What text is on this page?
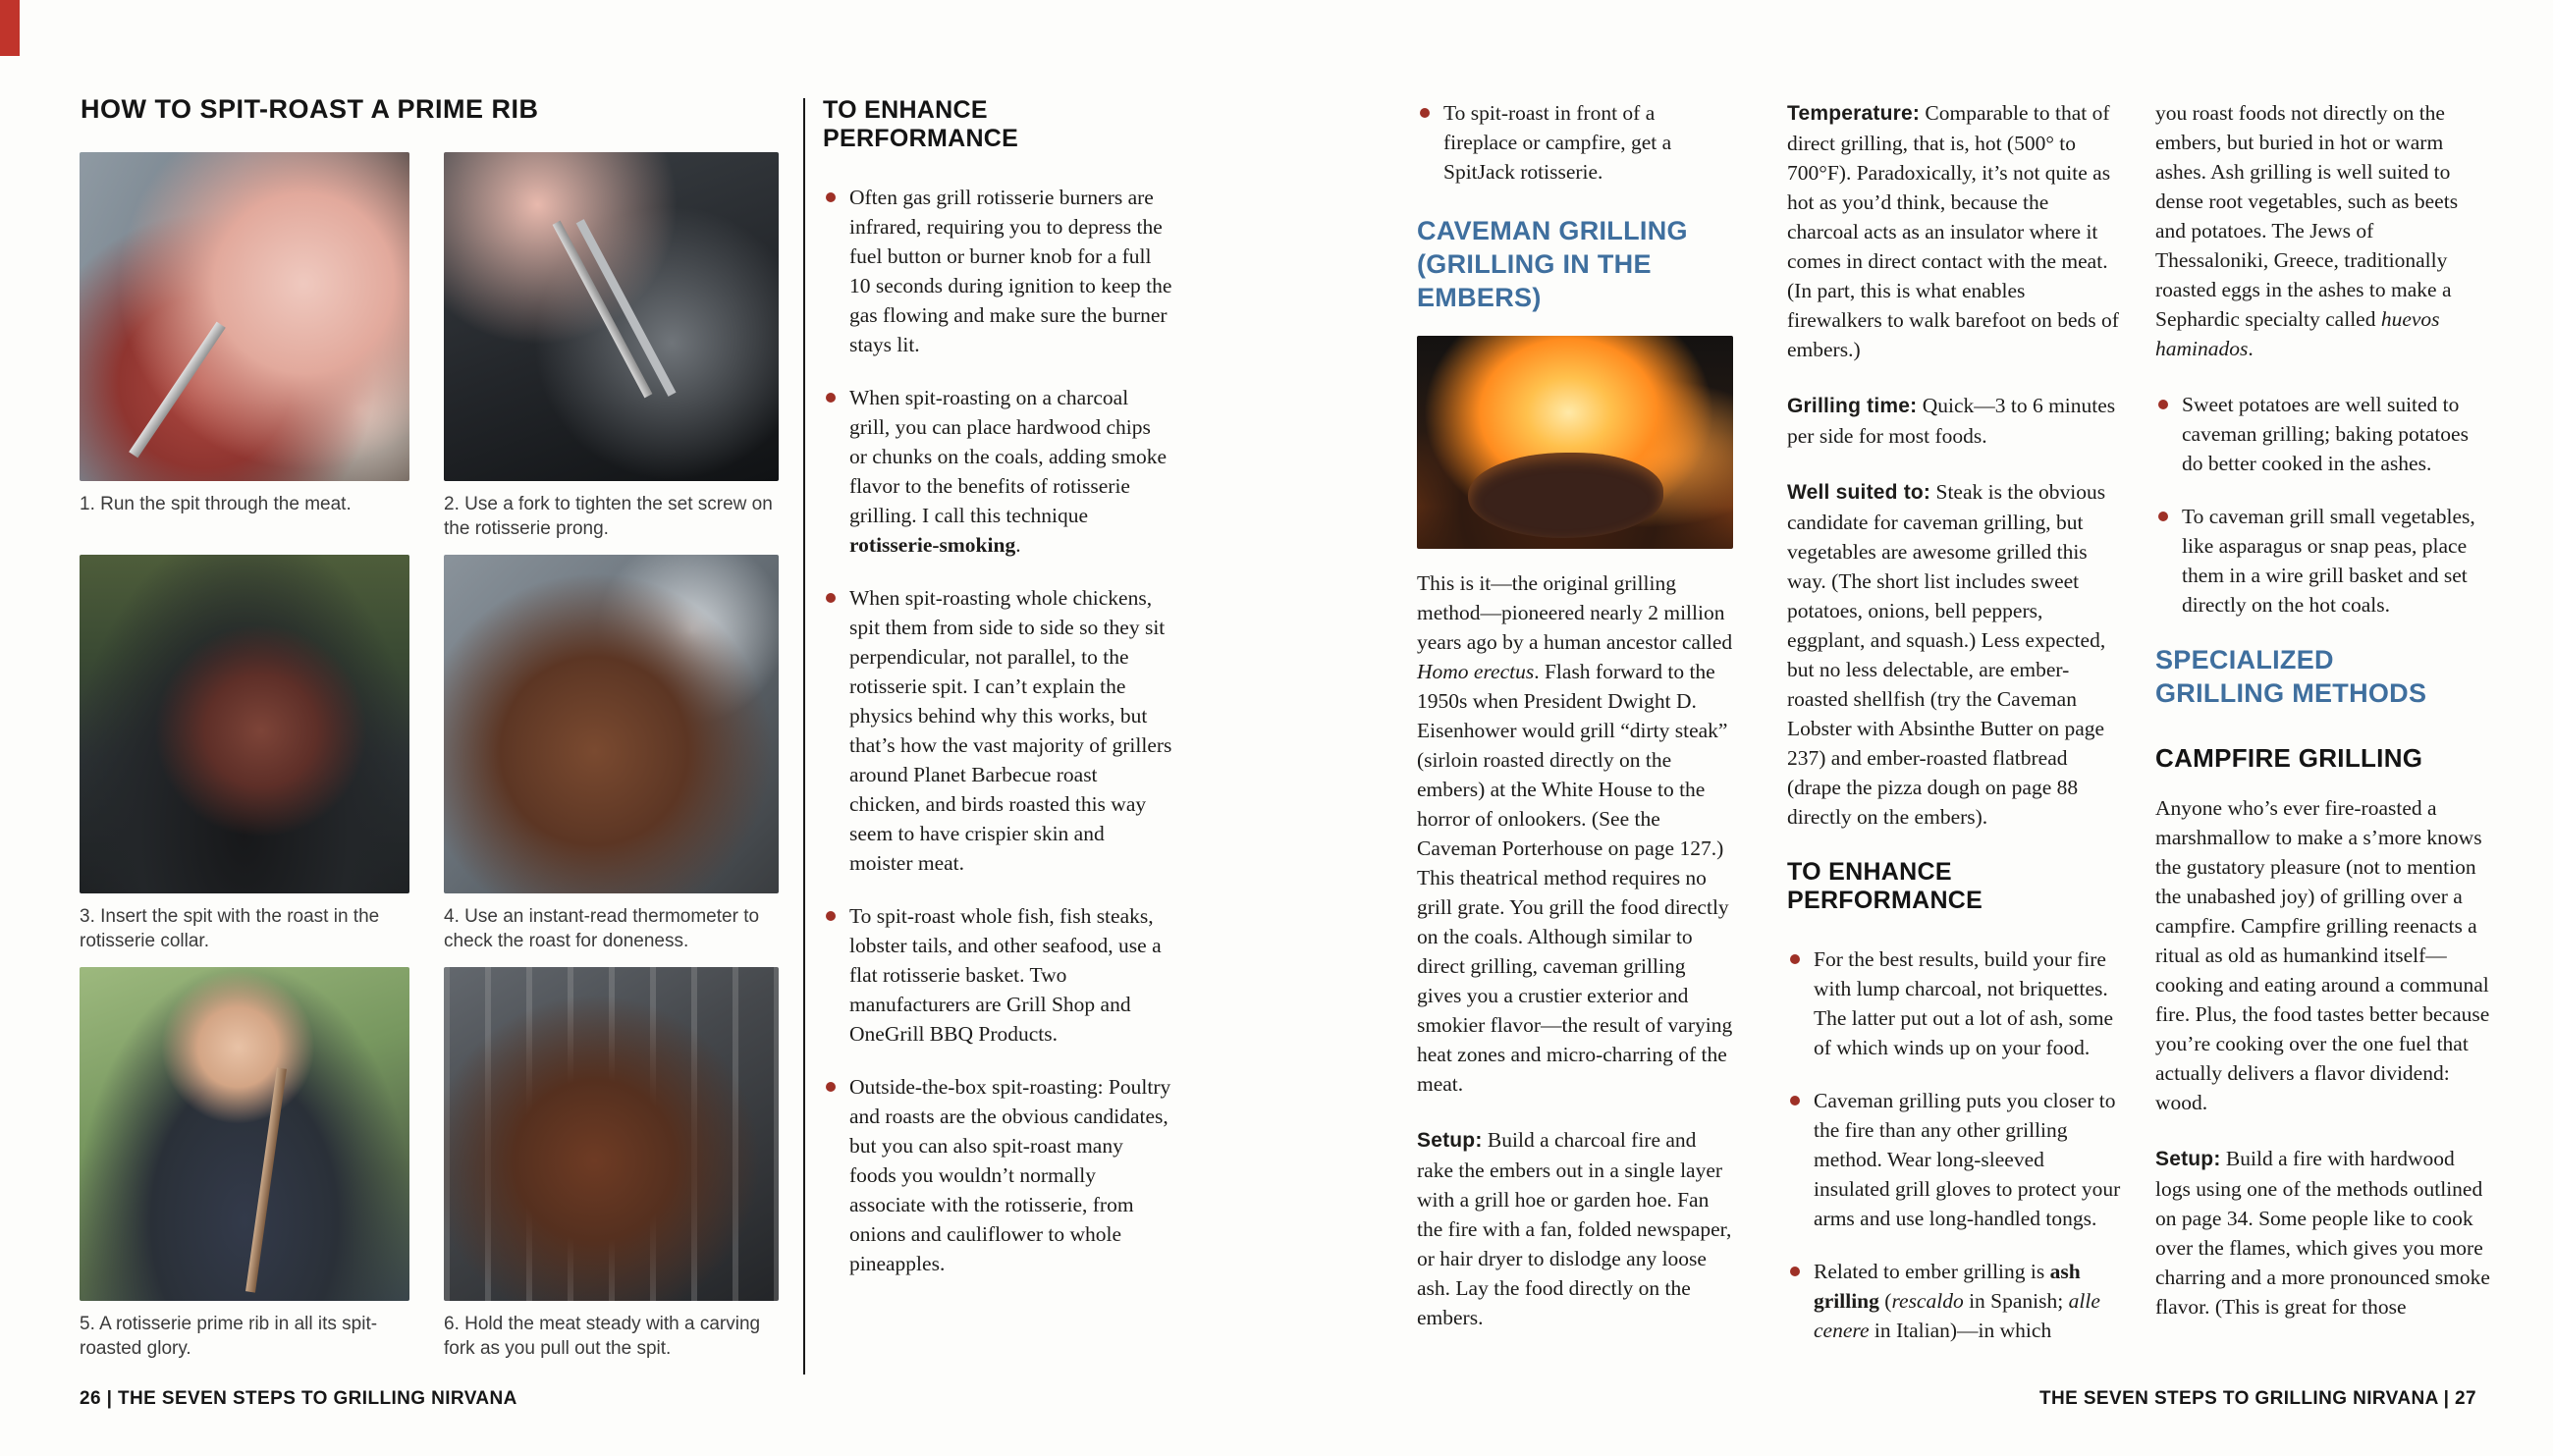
HOW TO SPIT-ROAST A PRIME RIB
1. Run the spit through the meat.	2. Use a fork to tighten the set screw on the rotisserie prong.
3. Insert the spit with the roast in the rotisserie collar.
4. Use an instant-read thermometer to check the roast for doneness.
5. A rotisserie prime rib in all its spit-roasted glory.
6. Hold the meat steady with a carving fork as you pull out the spit.
TO ENHANCE PERFORMANCE
Often gas grill rotisserie burners are infrared, requiring you to depress the fuel button or burner knob for a full 10 seconds during ignition to keep the gas flowing and make sure the burner stays lit.
When spit-roasting on a charcoal grill, you can place hardwood chips or chunks on the coals, adding smoke flavor to the benefits of rotisserie grilling. I call this technique rotisserie-smoking.
When spit-roasting whole chickens, spit them from side to side so they sit perpendicular, not parallel, to the rotisserie spit. I can’t explain the physics behind why this works, but that’s how the vast majority of grillers around Planet Barbecue roast chicken, and birds roasted this way seem to have crispier skin and moister meat.
To spit-roast whole fish, fish steaks, lobster tails, and other seafood, use a flat rotisserie basket. Two manufacturers are Grill Shop and OneGrill BBQ Products.
Outside-the-box spit-roasting: Poultry and roasts are the obvious candidates, but you can also spit-roast many foods you wouldn’t normally associate with the rotisserie, from onions and cauliflower to whole pineapples.
To spit-roast in front of a fireplace or campfire, get a SpitJack rotisserie.
CAVEMAN GRILLING
(GRILLING IN THE EMBERS)

This is it—the original grilling method—pioneered nearly 2 million years ago by a human ancestor called Homo erectus. Flash forward to the 1950s when President Dwight D. Eisenhower would grill “dirty steak” (sirloin roasted directly on the embers) at the White House to the horror of onlookers. (See the Caveman Porterhouse on page 127.) This theatrical method requires no grill grate. You grill the food directly on the coals. Although similar to direct grilling, caveman grilling gives you a crustier exterior and smokier flavor—the result of varying heat zones and micro-charring of the meat.

Setup: Build a charcoal fire and rake the embers out in a single layer with a grill hoe or garden hoe. Fan the fire with a fan, folded newspaper, or hair dryer to dislodge any loose ash. Lay the food directly on the embers.

Temperature: Comparable to that of direct grilling, that is, hot (500° to 700°F). Paradoxically, it’s not quite as hot as you’d think, because the charcoal acts as an insulator where it comes in direct contact with the meat. (In part, this is what enables firewalkers to walk barefoot on beds of embers.)

Grilling time: Quick—3 to 6 minutes per side for most foods.

Well suited to: Steak is the obvious candidate for caveman grilling, but vegetables are awesome grilled this way. (The short list includes sweet potatoes, onions, bell peppers, eggplant, and squash.) Less expected, but no less delectable, are ember-roasted shellfish (try the Caveman Lobster with Absinthe Butter on page 237) and ember-roasted flatbread (drape the pizza dough on page 88 directly on the embers).

TO ENHANCE PERFORMANCE
For the best results, build your fire with lump charcoal, not briquettes. The latter put out a lot of ash, some of which winds up on your food.
Caveman grilling puts you closer to the fire than any other grilling method. Wear long-sleeved insulated grill gloves to protect your arms and use long-handled tongs.
Related to ember grilling is ash grilling (rescaldo in Spanish; alle cenere in Italian)—in which

you roast foods not directly on the embers, but buried in hot or warm ashes. Ash grilling is well suited to dense root vegetables, such as beets and potatoes. The Jews of Thessaloniki, Greece, traditionally roasted eggs in the ashes to make a Sephardic specialty called huevos haminados.

Sweet potatoes are well suited to caveman grilling; baking potatoes do better cooked in the ashes.
To caveman grill small vegetables, like asparagus or snap peas, place them in a wire grill basket and set directly on the hot coals.
SPECIALIZED
GRILLING METHODS
CAMPFIRE GRILLING

Anyone who’s ever fire-roasted a marshmallow to make a s’more knows the gustatory pleasure (not to mention the unabashed joy) of grilling over a campfire. Campfire grilling reenacts a ritual as old as humankind itself—cooking and eating around a communal fire. Plus, the food tastes better because you’re cooking over the one fuel that actually delivers a flavor dividend: wood.

Setup: Build a fire with hardwood logs using one of the methods outlined on page 34. Some people like to cook over the flames, which gives you more charring and a more pronounced smoke flavor. (This is great for those

26 | THE SEVEN STEPS TO GRILLING NIRVANA	THE SEVEN STEPS TO GRILLING NIRVANA | 27
